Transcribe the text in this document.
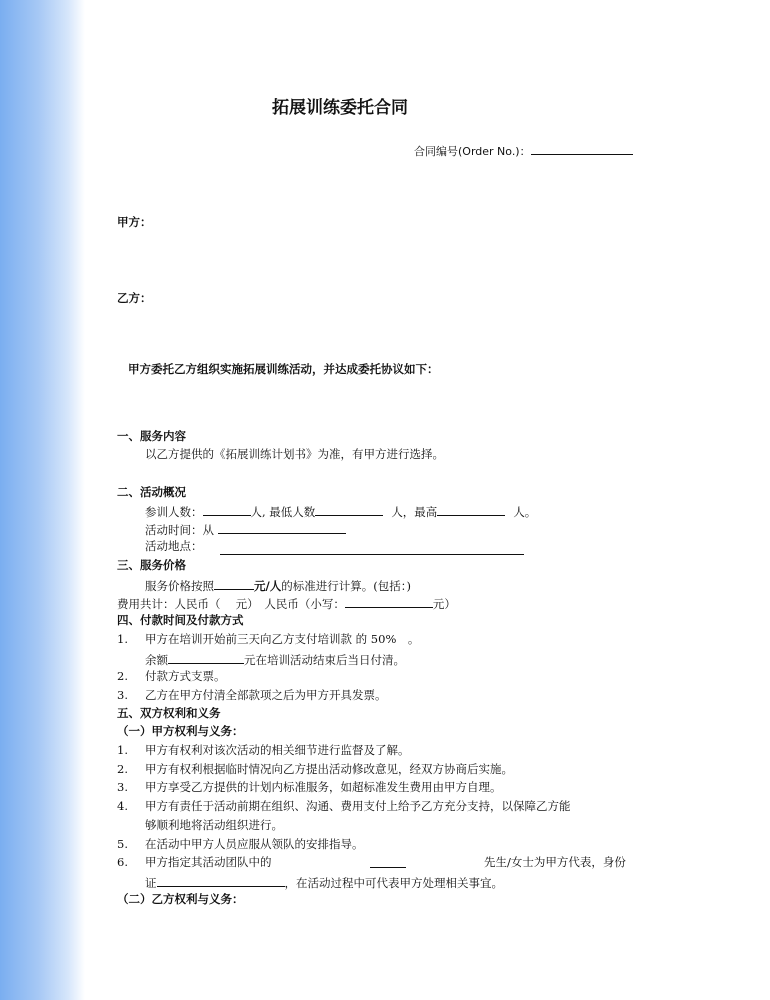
拓展训练委托合同
合同编号(Order No.)：
甲方：
乙方：
甲方委托乙方组织实施拓展训练活动，并达成委托协议如下：
一、服务内容
以乙方提供的《拓展训练计划书》为准，有甲方进行选择。
二、活动概况
参训人数：	人, 最低人数	人，最高	人。
活动时间：从
活动地点：
三、服务价格
服务价格按照	元/人的标准进行计算。(包括：)
费用共计：人民币（　 元）　人民币（小写：	元）
四、付款时间及付款方式
1. 甲方在培训开始前三天向乙方支付培训款 的 50%　。
余额	元在培训活动结束后当日付清。
2. 付款方式支票。
3. 乙方在甲方付清全部款项之后为甲方开具发票。
五、双方权利和义务
（一）甲方权利与义务：
1. 甲方有权利对该次活动的相关细节进行监督及了解。
2. 甲方有权利根据临时情况向乙方提出活动修改意见，经双方协商后实施。
3. 甲方享受乙方提供的计划内标准服务，如超标准发生费用由甲方自理。
4. 甲方有责任于活动前期在组织、沟通、费用支付上给予乙方充分支持，以保障乙方能
够顺利地将活动组织进行。
5. 在活动中甲方人员应服从领队的安排指导。
6. 甲方指定其活动团队中的	先生/女士为甲方代表，身份
证	，在活动过程中可代表甲方处理相关事宜。
（二）乙方权利与义务：
